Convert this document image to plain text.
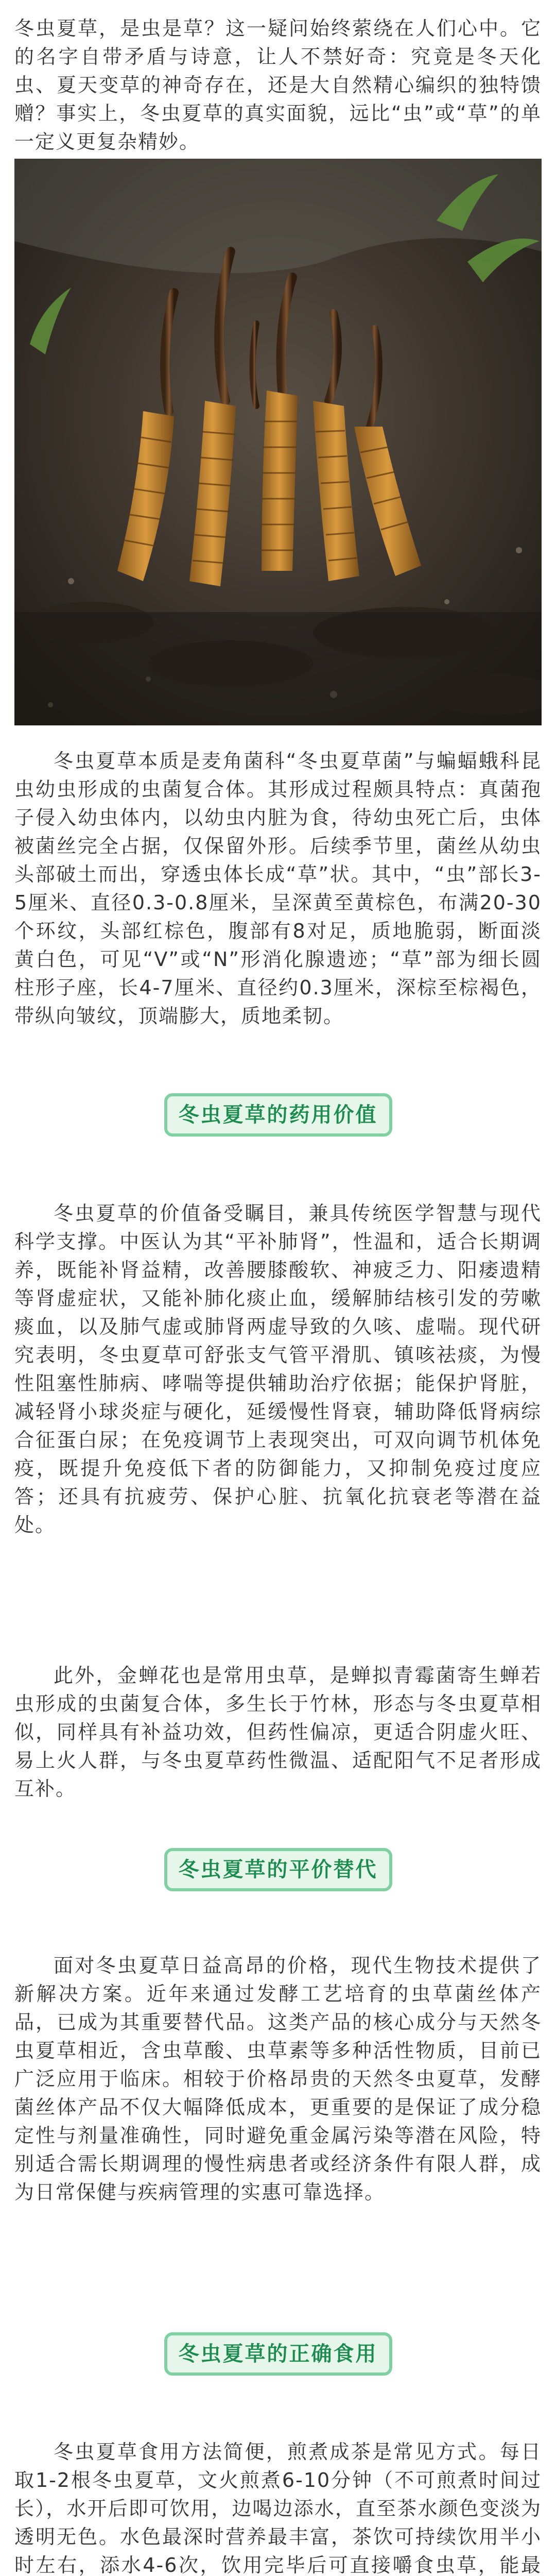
冬虫夏草，是虫是草？这一疑问始终萦绕在人们心中。它的名字自带矛盾与诗意，让人不禁好奇：究竟是冬天化虫、夏天变草的神奇存在，还是大自然精心编织的独特馈赠？事实上，冬虫夏草的真实面貌，远比“虫”或“草”的单一定义更复杂精妙。

冬虫夏草本质是麦角菌科“冬虫夏草菌”与蝙蝠蛾科昆虫幼虫形成的虫菌复合体。其形成过程颇具特点：真菌孢子侵入幼虫体内，以幼虫内脏为食，待幼虫死亡后，虫体被菌丝完全占据，仅保留外形。后续季节里，菌丝从幼虫头部破土而出，穿透虫体长成“草”状。其中，“虫”部长3-5厘米、直径0.3-0.8厘米，呈深黄至黄棕色，布满20-30个环纹，头部红棕色，腹部有8对足，质地脆弱，断面淡黄白色，可见“V”或“N”形消化腺遗迹；“草”部为细长圆柱形子座，长4-7厘米、直径约0.3厘米，深棕至棕褐色，带纵向皱纹，顶端膨大，质地柔韧。

冬虫夏草的药用价值

冬虫夏草的价值备受瞩目，兼具传统医学智慧与现代科学支撑。中医认为其“平补肺肾”，性温和，适合长期调养，既能补肾益精，改善腰膝酸软、神疲乏力、阳痿遗精等肾虚症状，又能补肺化痰止血，缓解肺结核引发的劳嗽痰血，以及肺气虚或肺肾两虚导致的久咳、虚喘。现代研究表明，冬虫夏草可舒张支气管平滑肌、镇咳祛痰，为慢性阻塞性肺病、哮喘等提供辅助治疗依据；能保护肾脏，减轻肾小球炎症与硬化，延缓慢性肾衰，辅助降低肾病综合征蛋白尿；在免疫调节上表现突出，可双向调节机体免疫，既提升免疫低下者的防御能力，又抑制免疫过度应答；还具有抗疲劳、保护心脏、抗氧化抗衰老等潜在益处。

此外，金蝉花也是常用虫草，是蝉拟青霉菌寄生蝉若虫形成的虫菌复合体，多生长于竹林，形态与冬虫夏草相似，同样具有补益功效，但药性偏凉，更适合阴虚火旺、易上火人群，与冬虫夏草药性微温、适配阳气不足者形成互补。

冬虫夏草的平价替代

面对冬虫夏草日益高昂的价格，现代生物技术提供了新解决方案。近年来通过发酵工艺培育的虫草菌丝体产品，已成为其重要替代品。这类产品的核心成分与天然冬虫夏草相近，含虫草酸、虫草素等多种活性物质，目前已广泛应用于临床。相较于价格昂贵的天然冬虫夏草，发酵菌丝体产品不仅大幅降低成本，更重要的是保证了成分稳定性与剂量准确性，同时避免重金属污染等潜在风险，特别适合需长期调理的慢性病患者或经济条件有限人群，成为日常保健与疾病管理的实惠可靠选择。

冬虫夏草的正确食用

冬虫夏草食用方法简便，煎煮成茶是常见方式。每日取1-2根冬虫夏草，文火煎煮6-10分钟（不可煎煮时间过长），水开后即可饮用，边喝边添水，直至茶水颜色变淡为透明无色。水色最深时营养最丰富，茶饮可持续饮用半小时左右，添水4-6次，饮用完毕后可直接嚼食虫草，能最
